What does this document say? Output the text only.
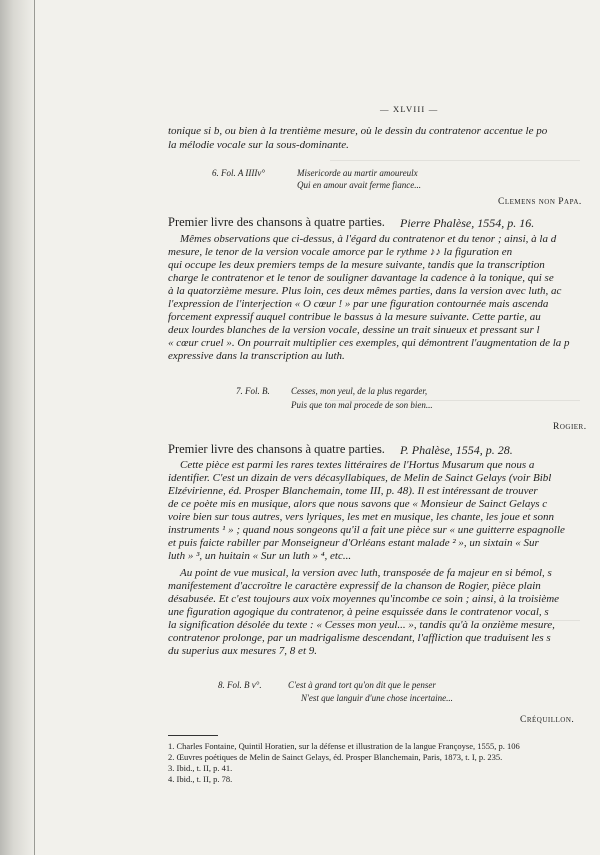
— XLVIII —
tonique si b, ou bien à la trentième mesure, où le dessin du contratenor accentue le po
la mélodie vocale sur la sous-dominante.
6. Fol. A IIIIv°	Misericorde au martir amoureulx
Qui en amour avait ferme fiance...
Clemens non Papa.
Premier livre des chansons à quatre parties. Pierre Phalèse, 1554, p. 16.
Mêmes observations que ci-dessus, à l'égard du contratenor et du tenor ; ainsi, à la d
mesure, le tenor de la version vocale amorce par le rythme ♪♪ la figuration en
qui occupe les deux premiers temps de la mesure suivante, tandis que la transcription
charge le contratenor et le tenor de souligner davantage la cadence à la tonique, qui se
à la quatorzième mesure. Plus loin, ces deux mêmes parties, dans la version avec luth, ac
l'expression de l'interjection « O cœur ! » par une figuration contournée mais ascenda
forcement expressif auquel contribue le bassus à la mesure suivante. Cette partie, au
deux lourdes blanches de la version vocale, dessine un trait sinueux et pressant sur l
« cœur cruel ». On pourrait multiplier ces exemples, qui démontrent l'augmentation de la p
expressive dans la transcription au luth.
7. Fol. B. Cesses, mon yeul, de la plus regarder,
Puis que ton mal procede de son bien...
Rogier.
Premier livre des chansons à quatre parties. P. Phalèse, 1554, p. 28.
Cette pièce est parmi les rares textes littéraires de l'Hortus Musarum que nous a
identifier. C'est un dizain de vers décasyllabiques, de Melin de Sainct Gelays (voir Bibl
Elzévirienne, éd. Prosper Blanchemain, tome III, p. 48). Il est intéressant de trouver
de ce poète mis en musique, alors que nous savons que « Monsieur de Sainct Gelays c
voire bien sur tous autres, vers lyriques, les met en musique, les chante, les joue et sonn
instruments ¹ » ; quand nous songeons qu'il a fait une pièce sur « une guitterre espagnolle
et puis faicte rabiller par Monseigneur d'Orléans estant malade ² », un sixtain « Sur
luth » ³, un huitain « Sur un luth » ⁴, etc...
Au point de vue musical, la version avec luth, transposée de fa majeur en si bémol, s
manifestement d'accroître le caractère expressif de la chanson de Rogier, pièce plain
désabusée. Et c'est toujours aux voix moyennes qu'incombe ce soin ; ainsi, à la troisième
une figuration agogique du contratenor, à peine esquissée dans le contratenor vocal, s
la signification désolée du texte : « Cesses mon yeul... », tandis qu'à la onzième mesure,
contratenor prolonge, par un madrigalisme descendant, l'affliction que traduisent les s
du superius aux mesures 7, 8 et 9.
8. Fol. B v°.	C'est à grand tort qu'on dit que le penser
N'est que languir d'une chose incertaine...
Créquillon.
1. Charles Fontaine, Quintil Horatien, sur la défense et illustration de la langue Françoyse, 1555, p. 106
2. Œuvres poétiques de Melin de Sainct Gelays, éd. Prosper Blanchemain, Paris, 1873, t. I, p. 235.
3. Ibid., t. II, p. 41.
4. Ibid., t. II, p. 78.
